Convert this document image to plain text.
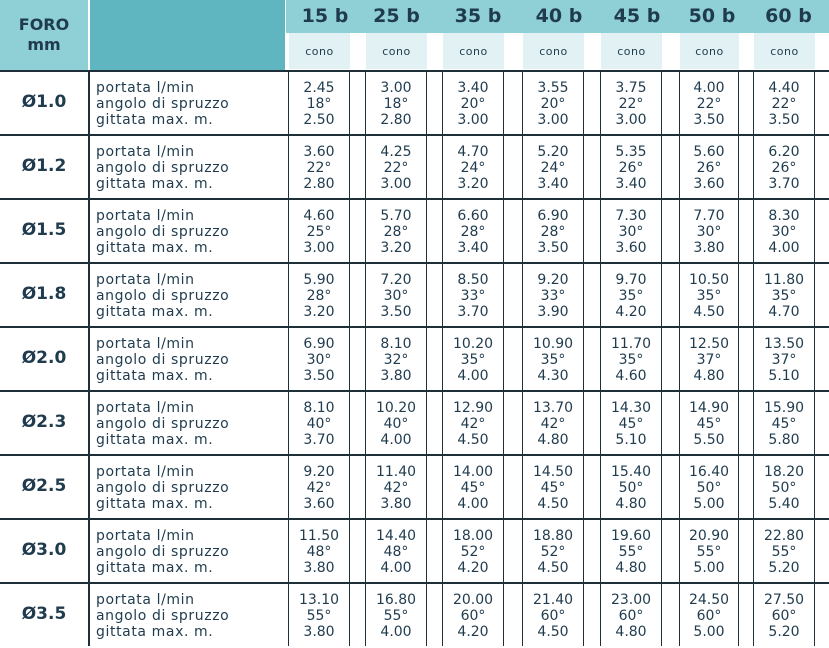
FORO
mm
15 b
cono
25 b
cono
35 b
cono
40 b
cono
45 b
cono
50 b
cono
60 b
cono
Ø1.0
portata l/min
angolo di spruzzo
gittata max. m.
2.45
18°
2.50
3.00
18°
2.80
3.40
20°
3.00
3.55
20°
3.00
3.75
22°
3.00
4.00
22°
3.50
4.40
22°
3.50
Ø1.2
portata l/min
angolo di spruzzo
gittata max. m.
3.60
22°
2.80
4.25
22°
3.00
4.70
24°
3.20
5.20
24°
3.40
5.35
26°
3.40
5.60
26°
3.60
6.20
26°
3.70
Ø1.5
portata l/min
angolo di spruzzo
gittata max. m.
4.60
25°
3.00
5.70
28°
3.20
6.60
28°
3.40
6.90
28°
3.50
7.30
30°
3.60
7.70
30°
3.80
8.30
30°
4.00
Ø1.8
portata l/min
angolo di spruzzo
gittata max. m.
5.90
28°
3.20
7.20
30°
3.50
8.50
33°
3.70
9.20
33°
3.90
9.70
35°
4.20
10.50
35°
4.50
11.80
35°
4.70
Ø2.0
portata l/min
angolo di spruzzo
gittata max. m.
6.90
30°
3.50
8.10
32°
3.80
10.20
35°
4.00
10.90
35°
4.30
11.70
35°
4.60
12.50
37°
4.80
13.50
37°
5.10
Ø2.3
portata l/min
angolo di spruzzo
gittata max. m.
8.10
40°
3.70
10.20
40°
4.00
12.90
42°
4.50
13.70
42°
4.80
14.30
45°
5.10
14.90
45°
5.50
15.90
45°
5.80
Ø2.5
portata l/min
angolo di spruzzo
gittata max. m.
9.20
42°
3.60
11.40
42°
3.80
14.00
45°
4.00
14.50
45°
4.50
15.40
50°
4.80
16.40
50°
5.00
18.20
50°
5.40
Ø3.0
portata l/min
angolo di spruzzo
gittata max. m.
11.50
48°
3.80
14.40
48°
4.00
18.00
52°
4.20
18.80
52°
4.50
19.60
55°
4.80
20.90
55°
5.00
22.80
55°
5.20
Ø3.5
portata l/min
angolo di spruzzo
gittata max. m.
13.10
55°
3.80
16.80
55°
4.00
20.00
60°
4.20
21.40
60°
4.50
23.00
60°
4.80
24.50
60°
5.00
27.50
60°
5.20
